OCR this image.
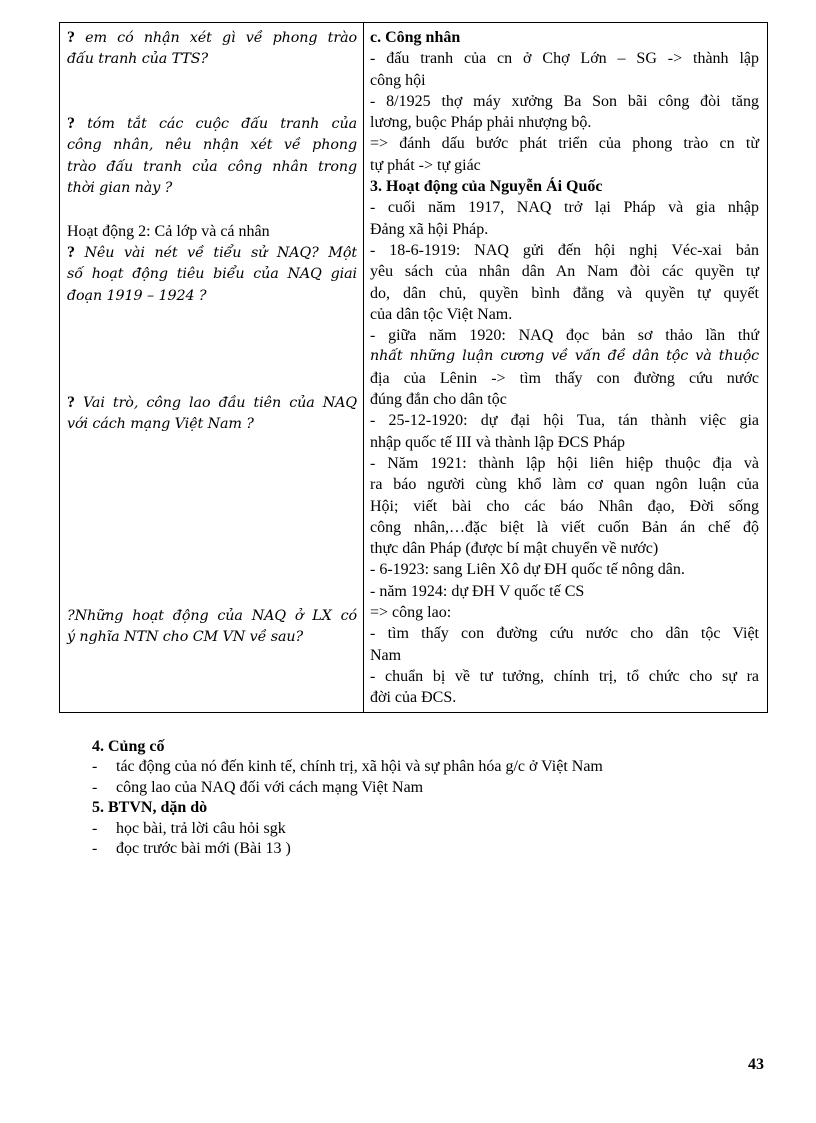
? em có nhận xét gì về phong trào
đấu tranh của TTS?
? tóm tắt các cuộc đấu tranh của
công nhân, nêu nhận xét về phong
trào đấu tranh của công nhân trong
thời gian này ?
Hoạt động 2: Cả lớp và cá nhân
? Nêu vài nét về tiểu sử NAQ? Một
số hoạt động tiêu biểu của NAQ giai
đoạn 1919 – 1924 ?
? Vai trò, công lao đầu tiên của NAQ
với cách mạng Việt Nam ?
?Những hoạt động của NAQ ở LX có
ý nghĩa NTN cho CM VN về sau?
c. Công nhân
- đấu tranh của cn ở Chợ Lớn – SG -> thành lập
công hội
- 8/1925 thợ máy xưởng Ba Son bãi công đòi tăng
lương, buộc Pháp phải nhượng bộ.
=> đánh dấu bước phát triển của phong trào cn từ
tự phát -> tự giác
3. Hoạt động của Nguyễn Ái Quốc
- cuối năm 1917, NAQ trở lại Pháp và gia nhập
Đảng xã hội Pháp.
- 18-6-1919: NAQ gửi đến hội nghị Véc-xai bản
yêu sách của nhân dân An Nam đòi các quyền tự
do, dân chủ, quyền bình đẳng và quyền tự quyết
của dân tộc Việt Nam.
- giữa năm 1920: NAQ đọc bản sơ thảo lần thứ
nhất những luận cương về vấn đề dân tộc và thuộc
địa của Lênin -> tìm thấy con đường cứu nước
đúng đắn cho dân tộc
- 25-12-1920: dự đại hội Tua, tán thành việc gia
nhập quốc tế III và thành lập ĐCS Pháp
- Năm 1921: thành lập hội liên hiệp thuộc địa và
ra báo người cùng khổ làm cơ quan ngôn luận của
Hội; viết bài cho các báo Nhân đạo, Đời sống
công nhân,…đặc biệt là viết cuốn Bản án chế độ
thực dân Pháp (được bí mật chuyển về nước)
- 6-1923: sang Liên Xô dự ĐH quốc tế nông dân.
- năm 1924: dự ĐH V quốc tế CS
=> công lao:
- tìm thấy con đường cứu nước cho dân tộc Việt
Nam
- chuẩn bị về tư tưởng, chính trị, tổ chức cho sự ra
đời của ĐCS.
4. Củng cố
- tác động của nó đến kinh tế, chính trị, xã hội và sự phân hóa g/c ở Việt Nam
- công lao của NAQ đối với cách mạng Việt Nam
5. BTVN, dặn dò
- học bài, trả lời câu hỏi sgk
- đọc trước bài mới (Bài 13 )
43
